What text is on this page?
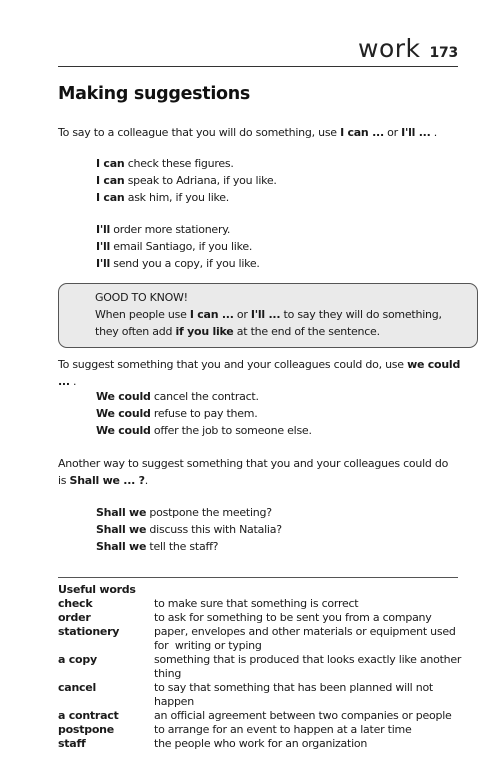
work 173
Making suggestions

To say to a colleague that you will do something, use I can ... or I'll ... .

I can check these figures.
I can speak to Adriana, if you like.
I can ask him, if you like.
I'll order more stationery.
I'll email Santiago, if you like.
I'll send you a copy, if you like.
GOOD TO KNOW!
When people use I can ... or I'll ... to say they will do something, they often add if you like at the end of the sentence.

To suggest something that you and your colleagues could do, use we could ... .

We could cancel the contract.
We could refuse to pay them.
We could offer the job to someone else.

Another way to suggest something that you and your colleagues could do is Shall we ... ?.

Shall we postpone the meeting?
Shall we discuss this with Natalia?
Shall we tell the staff?
Useful words
check	to make sure that something is correct
order	to ask for something to be sent you from a company
stationery	paper, envelopes and other materials or equipment used for  writing or typing
a copy	something that is produced that looks exactly like another thing
cancel	to say that something that has been planned will not happen
a contract	an official agreement between two companies or people
postpone	to arrange for an event to happen at a later time
staff	the people who work for an organization
